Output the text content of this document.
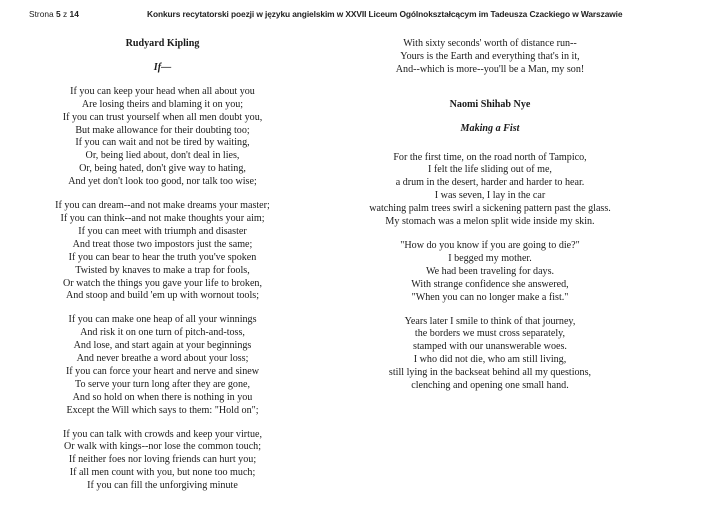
Strona 5 z 14	Konkurs recytatorski poezji w języku angielskim w XXVII Liceum Ogólnokształcącym im Tadeusza Czackiego w Warszawie
Rudyard Kipling
If—
If you can keep your head when all about you
Are losing theirs and blaming it on you;
If you can trust yourself when all men doubt you,
But make allowance for their doubting too;
If you can wait and not be tired by waiting,
Or, being lied about, don't deal in lies,
Or, being hated, don't give way to hating,
And yet don't look too good, nor talk too wise;
If you can dream--and not make dreams your master;
If you can think--and not make thoughts your aim;
If you can meet with triumph and disaster
And treat those two impostors just the same;
If you can bear to hear the truth you've spoken
Twisted by knaves to make a trap for fools,
Or watch the things you gave your life to broken,
And stoop and build 'em up with wornout tools;
If you can make one heap of all your winnings
And risk it on one turn of pitch-and-toss,
And lose, and start again at your beginnings
And never breathe a word about your loss;
If you can force your heart and nerve and sinew
To serve your turn long after they are gone,
And so hold on when there is nothing in you
Except the Will which says to them: "Hold on";
If you can talk with crowds and keep your virtue,
Or walk with kings--nor lose the common touch;
If neither foes nor loving friends can hurt you;
If all men count with you, but none too much;
If you can fill the unforgiving minute
With sixty seconds' worth of distance run--
Yours is the Earth and everything that's in it,
And--which is more--you'll be a Man, my son!
Naomi Shihab Nye
Making a Fist
For the first time, on the road north of Tampico,
I felt the life sliding out of me,
a drum in the desert, harder and harder to hear.
I was seven, I lay in the car
watching palm trees swirl a sickening pattern past the glass.
My stomach was a melon split wide inside my skin.
"How do you know if you are going to die?"
I begged my mother.
We had been traveling for days.
With strange confidence she answered,
"When you can no longer make a fist."
Years later I smile to think of that journey,
the borders we must cross separately,
stamped with our unanswerable woes.
I who did not die, who am still living,
still lying in the backseat behind all my questions,
clenching and opening one small hand.
